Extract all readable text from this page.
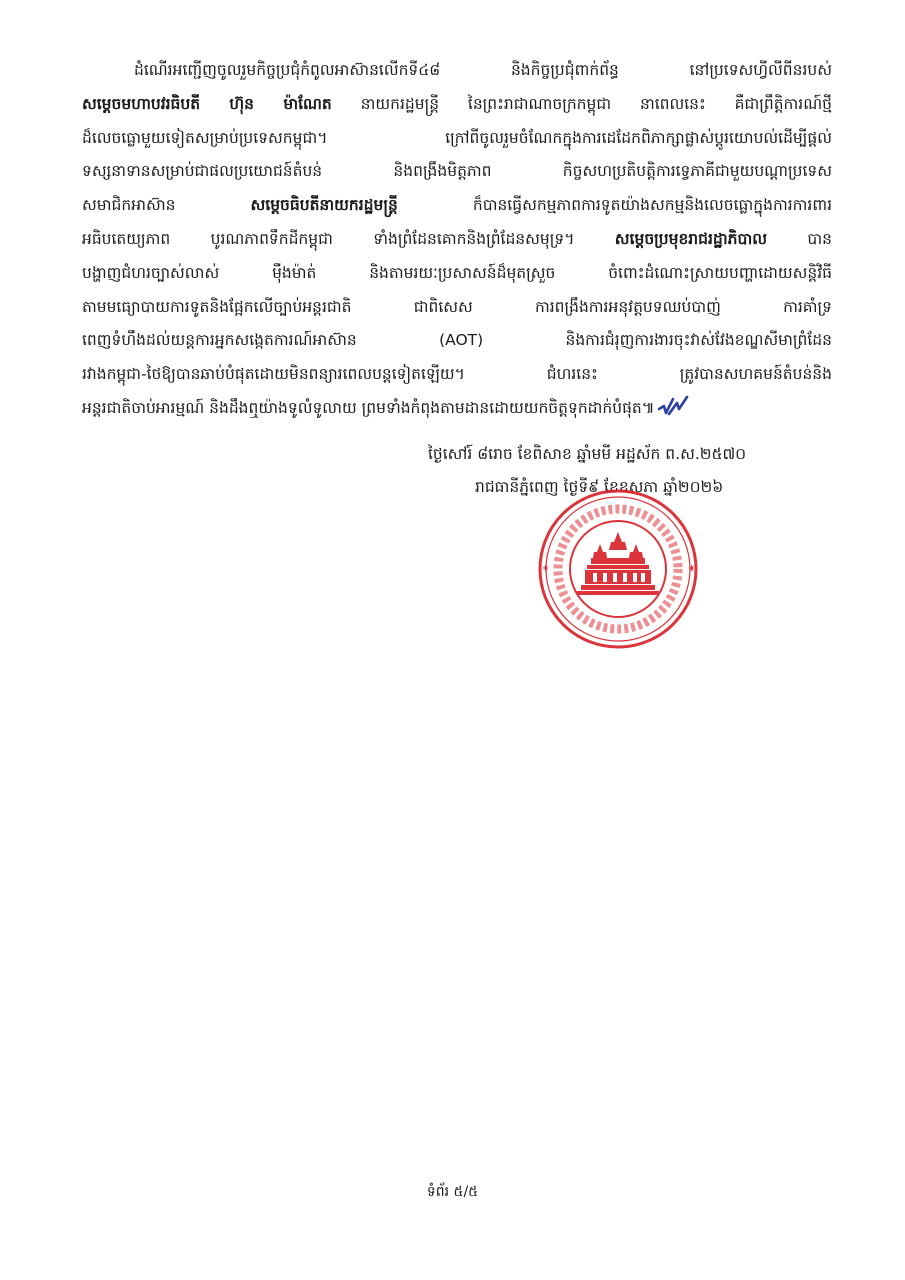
ដំណើរអញ្ជើញចូលរួមកិច្ចប្រជុំកំពូលអាស៊ានលើកទី៤៨ និងកិច្ចប្រជុំពាក់ព័ន្ធ នៅប្រទេសហ្វីលីពីនរបស់
សម្តេចមហាបវរធិបតី ហ៊ុន ម៉ាណែត នាយករដ្ឋមន្ត្រី នៃព្រះរាជាណាចក្រកម្ពុជា នាពេលនេះ គឺជាព្រឹត្តិការណ៍ថ្មី
ដ៏លេចធ្លោមួយទៀតសម្រាប់ប្រទេសកម្ពុជា។ ក្រៅពីចូលរួមចំណែកក្នុងការដេដែកពិភាក្សាផ្លាស់ប្តូរយោបល់ដើម្បីផ្តល់
ទស្សនាទានសម្រាប់ជាផលប្រយោជន៍តំបន់ និងពង្រឹងមិត្តភាព កិច្ចសហប្រតិបត្តិការទ្វេភាគីជាមួយបណ្តាប្រទេស
សមាជិកអាស៊ាន សម្តេចធិបតីនាយករដ្ឋមន្ត្រី ក៏បានធ្វើសកម្មភាពការទូតយ៉ាងសកម្មនិងលេចធ្លោក្នុងការការពារ
អធិបតេយ្យភាព បូរណភាពទឹកដីកម្ពុជា ទាំងព្រំដែនគោកនិងព្រំដែនសមុទ្រ។ សម្តេចប្រមុខរាជរដ្ឋាភិបាល បាន
បង្ហាញជំហរច្បាស់លាស់ ម៉ឺងម៉ាត់ និងតាមរយៈប្រសាសន៍ដ៏មុតស្រួច ចំពោះដំណោះស្រាយបញ្ហាដោយសន្តិវិធី
តាមមធ្យោបាយការទូតនិងផ្អែកលើច្បាប់អន្តរជាតិ ជាពិសេស ការពង្រឹងការអនុវត្តបទឈប់បាញ់ ការគាំទ្រ
ពេញទំហឹងដល់យន្តការអ្នកសង្កេតការណ៍អាស៊ាន (AOT) និងការជំរុញការងារចុះវាស់វែងខណ្ឌសីមាព្រំដែន
រវាងកម្ពុជា-ថៃឱ្យបានឆាប់បំផុតដោយមិនពន្យារពេលបន្តទៀតឡើយ។ ជំហរនេះ ត្រូវបានសហគមន៍តំបន់និង
អន្តរជាតិចាប់អារម្មណ៍ និងដឹងឮយ៉ាងទូលំទូលាយ ព្រមទាំងកំពុងតាមដានដោយយកចិត្តទុកដាក់បំផុត៕
ថ្ងៃសៅរ៍ ៨រោច ខែពិសាខ ឆ្នាំមមី អដ្ឋស័ក ព.ស.២៥៧០
រាជធានីភ្នំពេញ ថ្ងៃទី៩ ខែឧសភា ឆ្នាំ២០២៦
ទំព័រ ៥/៥
